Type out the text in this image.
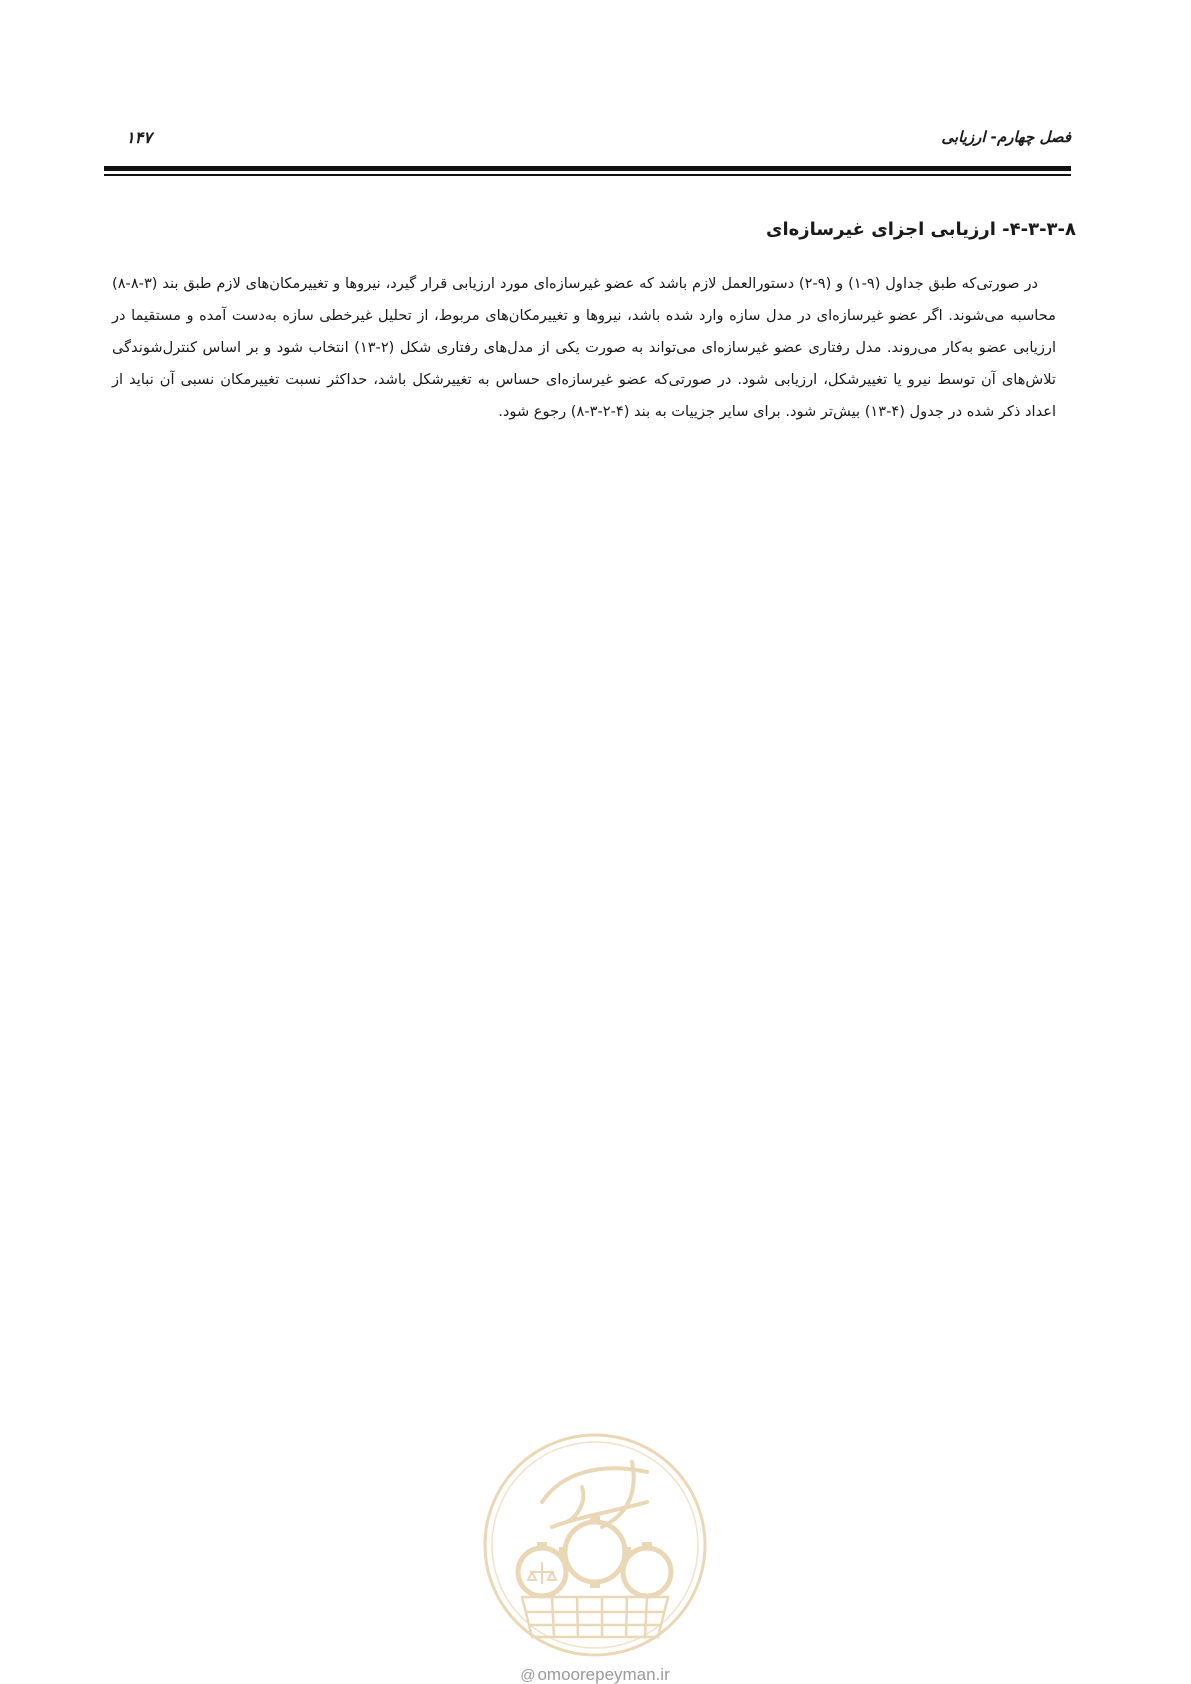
فصل چهارم- ارزیابی
۱۴۷
۴-۳-۳-۸- ارزیابی اجزای غیرسازه‌ای

در صورتی‌که طبق جداول (۹-۱) و (۹-۲) دستورالعمل لازم باشد که عضو غیرسازه‌ای مورد ارزیابی قرار گیرد، نیروها و تغییرمکان‌های لازم طبق بند (۳-۸-۸) محاسبه می‌شوند. اگر عضو غیرسازه‌ای در مدل سازه وارد شده باشد، نیروها و تغییرمکان‌های مربوط، از تحلیل غیرخطی سازه به‌دست آمده و مستقیما در ارزیابی عضو به‌کار می‌روند. مدل رفتاری عضو غیرسازه‌ای می‌تواند به صورت یکی از مدل‌های رفتاری شکل (۲-۱۳) انتخاب شود و بر اساس کنترل‌شوندگی تلاش‌های آن توسط نیرو یا تغییرشکل، ارزیابی شود. در صورتی‌که عضو غیرسازه‌ای حساس به تغییرشکل باشد، حداکثر نسبت تغییرمکان نسبی آن نباید از اعداد ذکر شده در جدول (۴-۱۳) بیش‌تر شود. برای سایر جزییات به بند (۴-۲-۳-۸) رجوع شود.

@ omoorepeyman.ir
